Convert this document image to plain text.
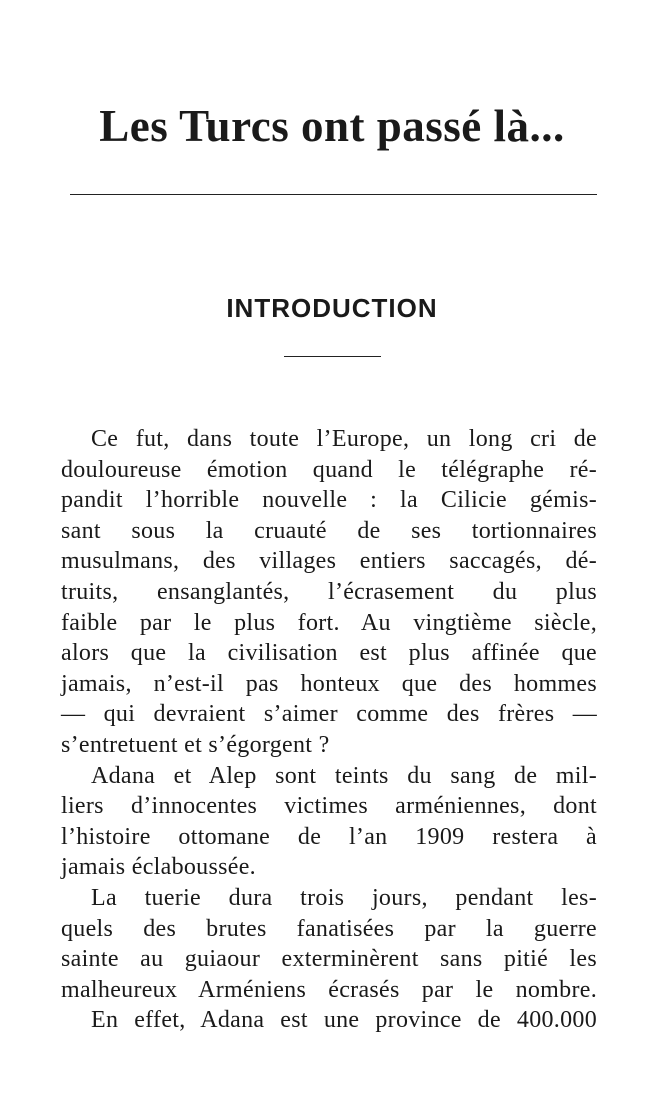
Les Turcs ont passé là...
INTRODUCTION
Ce fut, dans toute l’Europe, un long cri de
douloureuse émotion quand le télégraphe ré-
pandit l’horrible nouvelle : la Cilicie gémis-
sant sous la cruauté de ses tortionnaires
musulmans, des villages entiers saccagés, dé-
truits, ensanglantés, l’écrasement du plus
faible par le plus fort. Au vingtième siècle,
alors que la civilisation est plus affinée que
jamais, n’est-il pas honteux que des hommes
— qui devraient s’aimer comme des frères —
s’entretuent et s’égorgent ?
Adana et Alep sont teints du sang de mil-
liers d’innocentes victimes arméniennes, dont
l’histoire ottomane de l’an 1909 restera à
jamais éclaboussée.
La tuerie dura trois jours, pendant les-
quels des brutes fanatisées par la guerre
sainte au guiaour exterminèrent sans pitié les
malheureux Arméniens écrasés par le nombre.
En effet, Adana est une province de 400.000
